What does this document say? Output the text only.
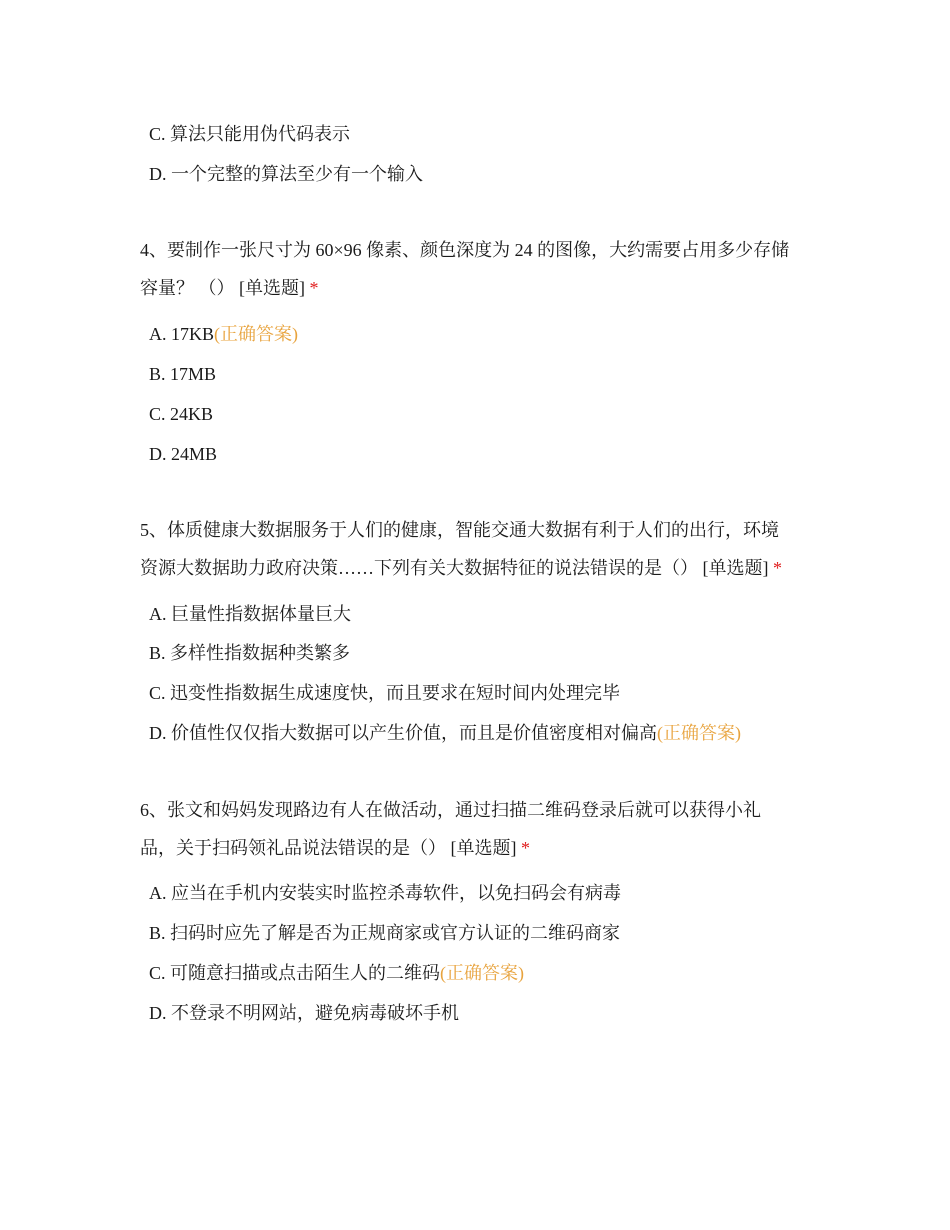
C. 算法只能用伪代码表示
D. 一个完整的算法至少有一个输入
4、要制作一张尺寸为 60×96 像素、颜色深度为 24 的图像，大约需要占用多少存储
容量？ （） [单选题] *
A. 17KB(正确答案)
B. 17MB
C. 24KB
D. 24MB
5、体质健康大数据服务于人们的健康，智能交通大数据有利于人们的出行，环境
资源大数据助力政府决策……下列有关大数据特征的说法错误的是（） [单选题] *
A. 巨量性指数据体量巨大
B. 多样性指数据种类繁多
C. 迅变性指数据生成速度快，而且要求在短时间内处理完毕
D. 价值性仅仅指大数据可以产生价值，而且是价值密度相对偏高(正确答案)
6、张文和妈妈发现路边有人在做活动，通过扫描二维码登录后就可以获得小礼
品，关于扫码领礼品说法错误的是（） [单选题] *
A. 应当在手机内安装实时监控杀毒软件，以免扫码会有病毒
B. 扫码时应先了解是否为正规商家或官方认证的二维码商家
C. 可随意扫描或点击陌生人的二维码(正确答案)
D. 不登录不明网站，避免病毒破坏手机
